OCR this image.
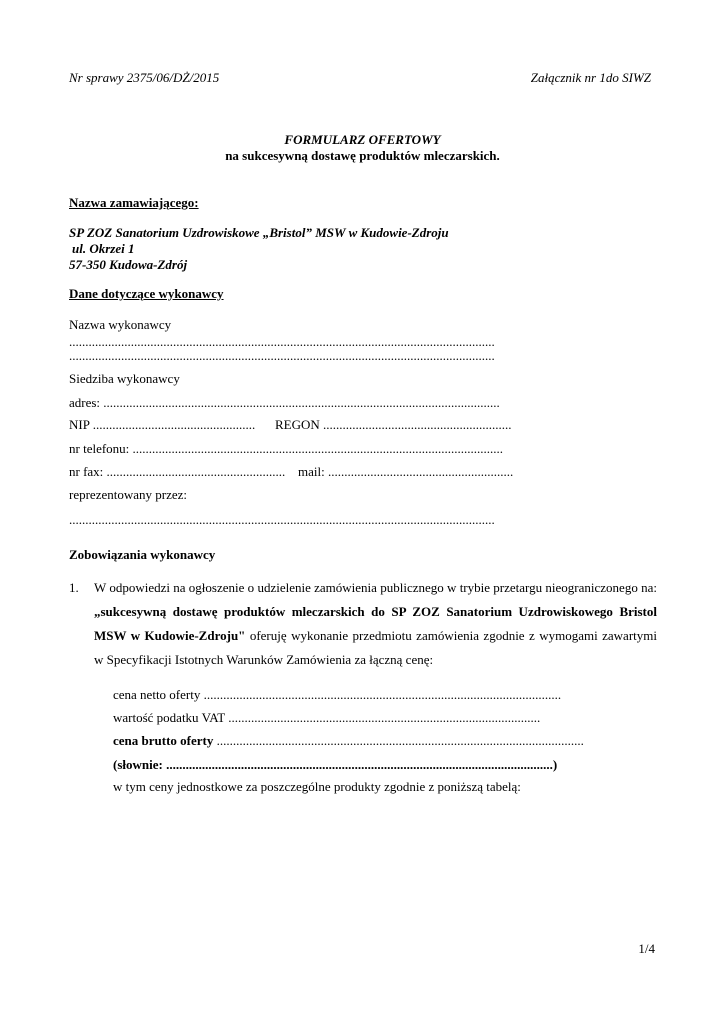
Nr sprawy 2375/06/DŻ/2015	Załącznik nr 1do SIWZ
FORMULARZ OFERTOWY
na sukcesywną dostawę produktów mleczarskich.
Nazwa zamawiającego:
SP ZOZ Sanatorium Uzdrowiskowe „Bristol” MSW w Kudowie-Zdroju
ul. Okrzei 1
57-350 Kudowa-Zdrój
Dane dotyczące wykonawcy
Nazwa wykonawcy
...................................................................................................................................
...................................................................................................................................
Siedziba wykonawcy
adres: ..........................................................................................................................
NIP .................................................. REGON ..........................................................
nr telefonu: ..................................................................................................................
nr fax: ....................................................... mail: .........................................................
reprezentowany przez:
...................................................................................................................................
Zobowiązania wykonawcy
1. W odpowiedzi na ogłoszenie o udzielenie zamówienia publicznego w trybie przetargu nieograniczonego na: „sukcesywną dostawę produktów mleczarskich do SP ZOZ Sanatorium Uzdrowiskowego Bristol MSW w Kudowie-Zdroju" oferuję wykonanie przedmiotu zamówienia zgodnie z wymogami zawartymi w Specyfikacji Istotnych Warunków Zamówienia za łączną cenę:
cena netto oferty ..............................................................................................................
wartość podatku VAT ................................................................................................
cena brutto oferty .................................................................................................................
(słownie: .......................................................................................................................)
w tym ceny jednostkowe za poszczególne produkty zgodnie z poniższą tabelą:
1/4
